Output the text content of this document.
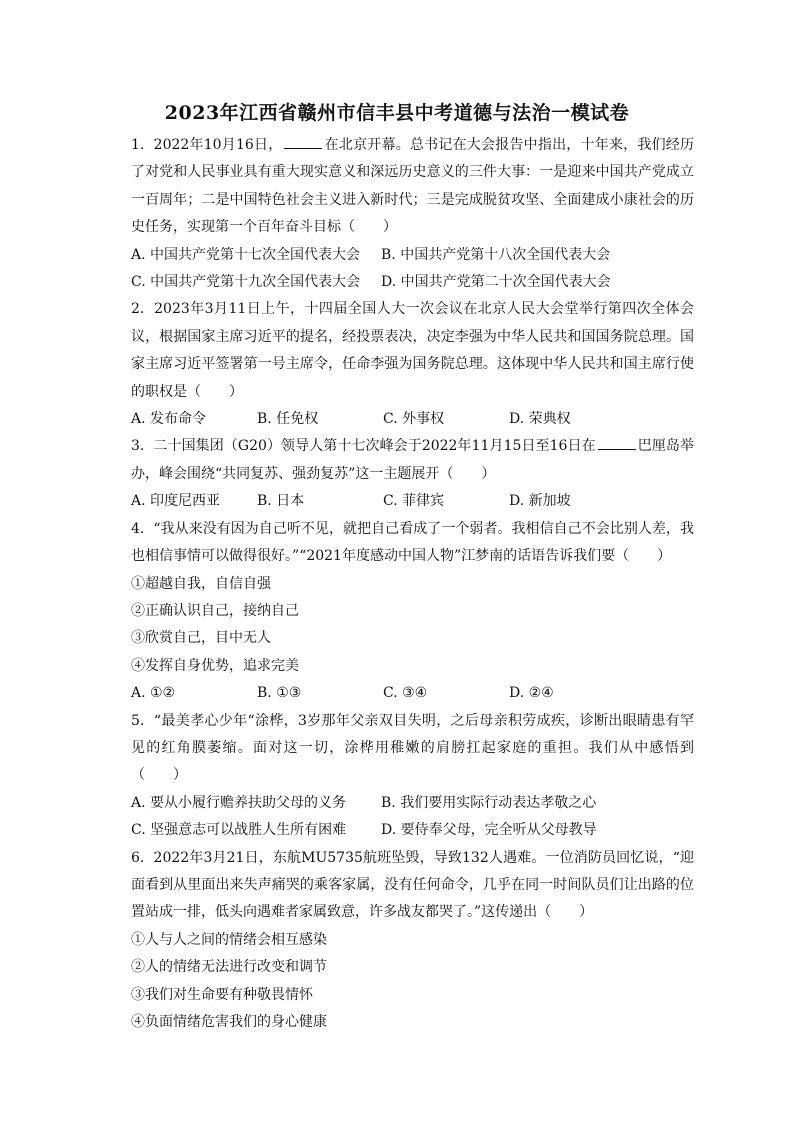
2023年江西省赣州市信丰县中考道德与法治一模试卷
1.  2022年10月16日，	在北京开幕。总书记在大会报告中指出，十年来，我们经历了对党和人民事业具有重大现实意义和深远历史意义的三件大事：一是迎来中国共产党成立一百周年；二是中国特色社会主义进入新时代；三是完成脱贫攻坚、全面建成小康社会的历史任务，实现第一个百年奋斗目标（　　）
A. 中国共产党第十七次全国代表大会	B. 中国共产党第十八次全国代表大会
C. 中国共产党第十九次全国代表大会	D. 中国共产党第二十次全国代表大会
2.  2023年3月11日上午，十四届全国人大一次会议在北京人民大会堂举行第四次全体会议，根据国家主席习近平的提名，经投票表决，决定李强为中华人民共和国国务院总理。国家主席习近平签署第一号主席令，任命李强为国务院总理。这体现中华人民共和国主席行使的职权是（　　）
A. 发布命令	B. 任免权	C. 外事权	D. 荣典权
3.  二十国集团（G20）领导人第十七次峰会于2022年11月15日至16日在	巴厘岛举办，峰会围绕“共同复苏、强劲复苏”这一主题展开（　　）
A. 印度尼西亚	B. 日本	C. 菲律宾	D. 新加坡
4.  “我从来没有因为自己听不见，就把自己看成了一个弱者。我相信自己不会比别人差，我也相信事情可以做得很好。”“2021年度感动中国人物”江梦南的话语告诉我们要（　　）
①超越自我，自信自强
②正确认识自己，接纳自己
③欣赏自己，目中无人
④发挥自身优势，追求完美
A. ①②	B. ①③	C. ③④	D. ②④
5.  “最美孝心少年“涂桦，3岁那年父亲双目失明，之后母亲积劳成疾，诊断出眼睛患有罕见的红角膜萎缩。面对这一切，涂桦用稚嫩的肩膀扛起家庭的重担。我们从中感悟到（　　）
A. 要从小履行赡养扶助父母的义务	B. 我们要用实际行动表达孝敬之心
C. 坚强意志可以战胜人生所有困难	D. 要侍奉父母，完全听从父母教导
6.  2022年3月21日，东航MU5735航班坠毁，导致132人遇难。一位消防员回忆说，“迎面看到从里面出来失声痛哭的乘客家属，没有任何命令，几乎在同一时间队员们让出路的位置站成一排，低头向遇难者家属致意，许多战友都哭了。”这传递出（　　）
①人与人之间的情绪会相互感染
②人的情绪无法进行改变和调节
③我们对生命要有种敬畏情怀
④负面情绪危害我们的身心健康
